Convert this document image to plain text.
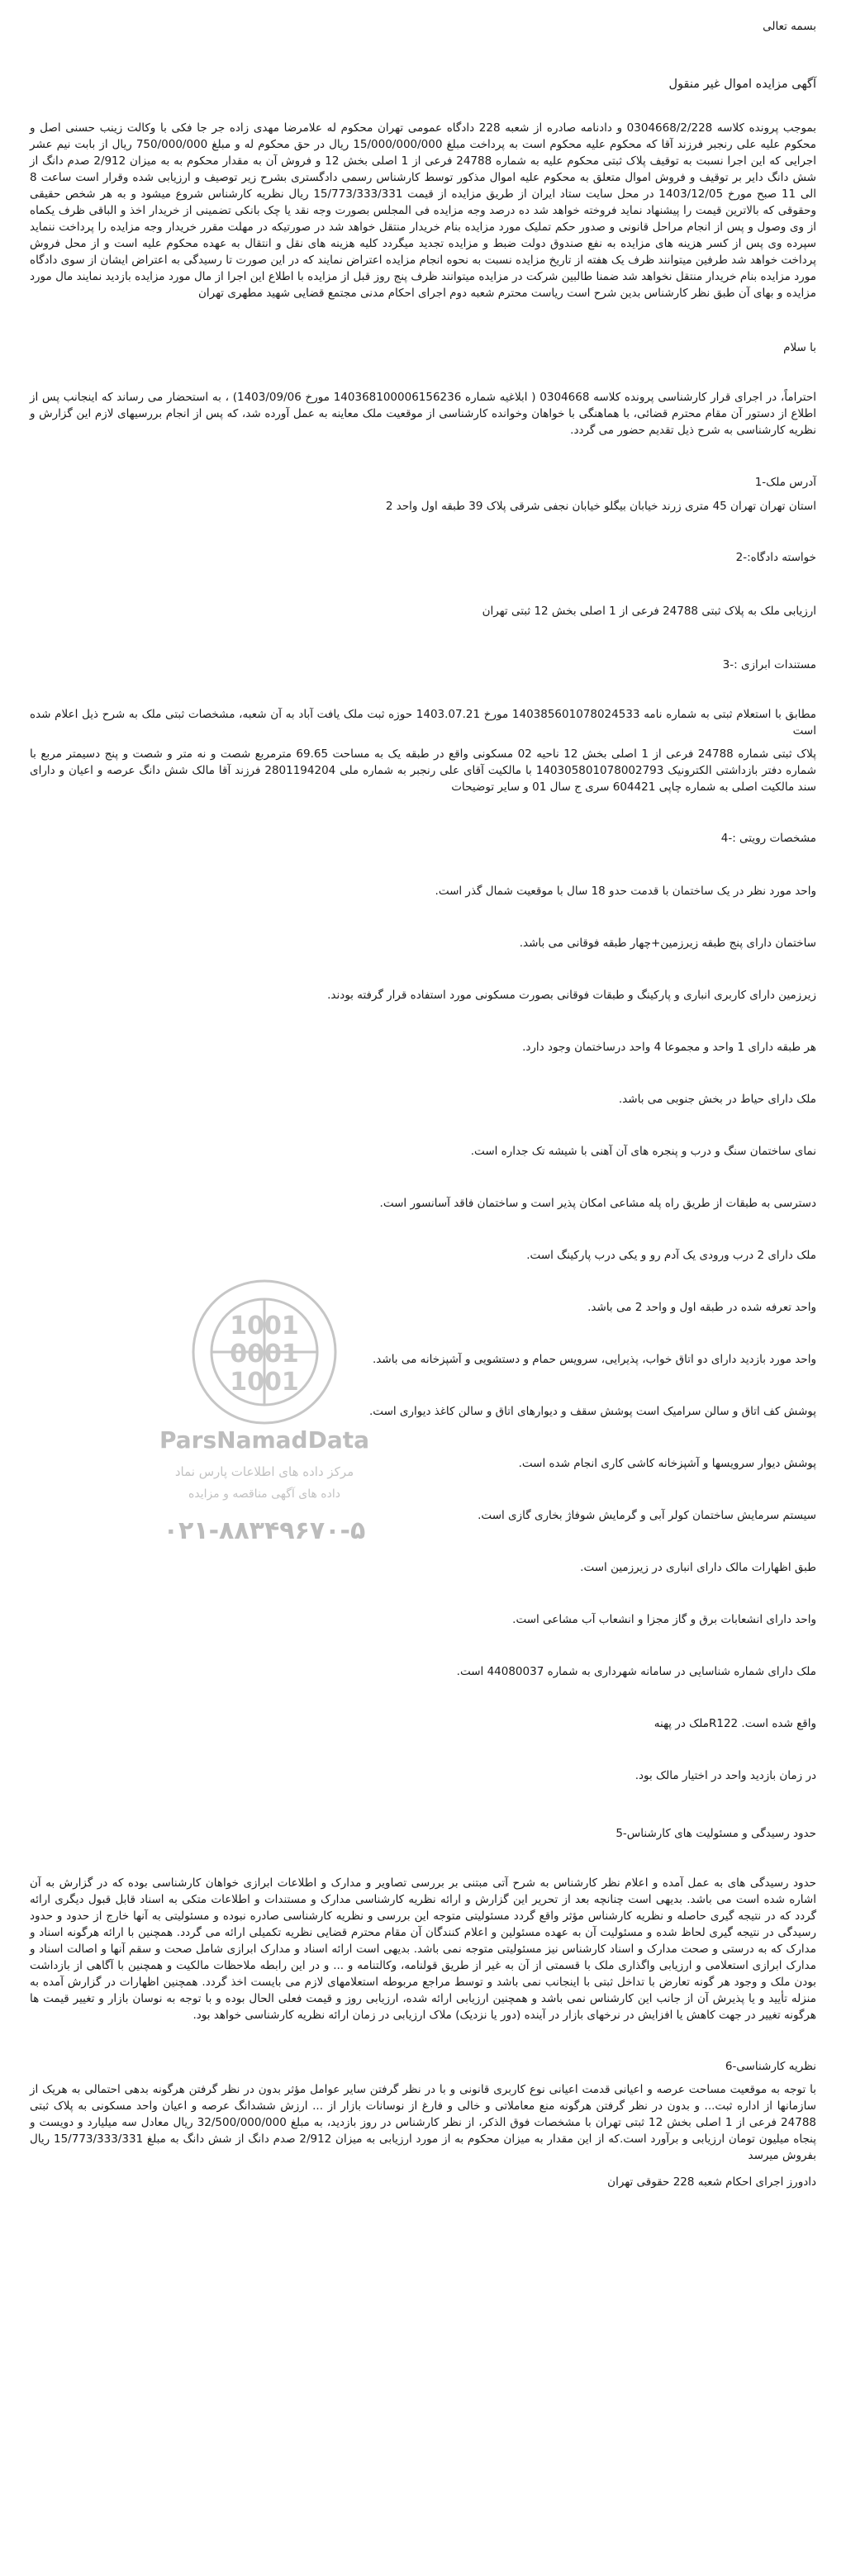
بسمه تعالی

آگهی مزایده اموال غیر منقول

بموجب پرونده کلاسه 0304668/2/228 و دادنامه صادره از شعبه 228 دادگاه عمومی تهران محکوم له علامرضا مهدی زاده جر جا فکی با وکالت زینب حسنی اصل و محکوم علیه علی رنجبر فرزند آقا که محکوم علیه محکوم است به پرداخت مبلغ 15/000/000/000 ریال در حق محکوم له و مبلغ 750/000/000 ریال از بابت نیم عشر اجرایی که این اجرا نسبت به توقیف پلاک ثبتی محکوم علیه به شماره 24788 فرعی از 1 اصلی بخش 12 و فروش آن به مقدار محکوم به به میزان 2/912 صدم دانگ از شش دانگ دایر بر توقیف و فروش اموال متعلق به محکوم علیه اموال مذکور توسط کارشناس رسمی دادگستری بشرح زیر توصیف و ارزیابی شده وقرار است ساعت 8 الی 11 صبح مورخ 1403/12/05 در محل سایت ستاد ایران از طریق مزایده از قیمت 15/773/333/331 ریال نظریه کارشناس شروع میشود و به هر شخص حقیقی وحقوقی که بالاترین قیمت را پیشنهاد نماید فروخته خواهد شد ده درصد وجه مزایده فی المجلس بصورت وجه نقد یا چک بانکی تضمینی از خریدار اخذ و الباقی ظرف یکماه از وی وصول و پس از انجام مراحل قانونی و صدور حکم تملیک مورد مزایده بنام خریدار منتقل خواهد شد در صورتیکه در مهلت مقرر خریدار وجه مزایده را پرداخت ننماید سپرده وی پس از کسر هزینه های مزایده به نفع صندوق دولت ضبط و مزایده تجدید میگردد کلیه هزینه های نقل و انتقال به عهده محکوم علیه است و از محل فروش پرداخت خواهد شد طرفین میتوانند ظرف یک هفته از تاریخ مزایده نسبت به نحوه انجام مزایده اعتراض نمایند که در این صورت تا رسیدگی به اعتراض ایشان از سوی دادگاه مورد مزایده بنام خریدار منتقل نخواهد شد ضمنا طالبین شرکت در مزایده میتوانند ظرف پنج روز قبل از مزایده با اطلاع این اجرا از مال مورد مزایده بازدید نمایند مال مورد مزایده و بهای آن طبق نظر کارشناس بدین شرح است رياست محترم شعبه دوم اجراى احكام مدنى مجتمع قضايى شهيد مطهرى تهران

با سلام

احتراماً، در اجرای قرار کارشناسی پرونده کلاسه 0304668 ( ابلاغیه شماره 140368100006156236 مورخ 1403/09/06) ، به استحضار می رساند که اینجانب پس از اطلاع از دستور آن مقام محترم قضائی، با هماهنگی با خواهان وخوانده کارشناسی از موقعیت ملک معاینه به عمل آورده شد، که پس از انجام بررسیهای لازم این گزارش و نظریه کارشناسی به شرح ذیل تقدیم حضور می گردد.

آدرس ملک-1

استان تهران تهران 45 متری زرند خیابان بیگلو خیابان نجفی شرقی پلاک 39 طبقه اول واحد 2

خواسته دادگاه:-2

ارزیابی ملک به پلاک ثبتی 24788 فرعی از 1 اصلی بخش 12 ثبتی تهران

مستندات ابرازی :-3

مطابق با استعلام ثبتی به شماره نامه 140385601078024533 مورخ 1403.07.21 حوزه ثبت ملک یافت آباد به آن شعبه، مشخصات ثبتی ملک به شرح ذیل اعلام شده است

پلاک ثبتی شماره 24788 فرعی از 1 اصلی بخش 12 ناحیه 02 مسکونی واقع در طبقه یک به مساحت 69.65 مترمربع شصت و نه متر و شصت و پنج دسیمتر مربع با شماره دفتر بازداشتی الکترونیک 140305801078002793 با مالکیت آقای علی رنجبر به شماره ملی 2801194204 فرزند آقا مالک شش دانگ عرصه و اعیان و دارای سند مالکیت اصلی به شماره چاپی 604421 سری ج سال 01 و سایر توضیحات

مشخصات رویتی :-4

واحد مورد نظر در یک ساختمان با قدمت حدو 18 سال با موقعیت شمال گذر است.

ساختمان دارای پنج طبقه زیرزمین+چهار طبقه فوقانی می باشد.

زیرزمین دارای کاربری انباری و پارکینگ و طبقات فوقانی بصورت مسکونی مورد استفاده قرار گرفته بودند.

هر طبقه دارای 1 واحد و مجموعا 4 واحد درساختمان وجود دارد.

ملک دارای حیاط در بخش جنوبی می باشد.

نمای ساختمان سنگ و درب و پنجره های آن آهنی با شیشه تک جداره است.

دسترسی به طبقات از طریق راه پله مشاعی امکان پذیر است و ساختمان فاقد آسانسور است.

ملک دارای 2 درب ورودی یک آدم رو و یکی درب پارکینگ است.

واحد تعرفه شده در طبقه اول و واحد 2 می باشد.

واحد مورد بازدید دارای دو اتاق خواب، پذیرایی، سرویس حمام و دستشویی و آشپزخانه می باشد.

پوشش کف اتاق و سالن سرامیک است پوشش سقف و دیوارهای اتاق و سالن کاغذ دیواری است.

پوشش دیوار سرویسها و آشپزخانه کاشی کاری انجام شده است.

سیستم سرمایش ساختمان کولر آبی و گرمایش شوفاژ بخاری گازی است.

طبق اظهارات مالک دارای انباری در زیرزمین است.

واحد دارای انشعابات برق و گاز مجزا و انشعاب آب مشاعی است.

ملک دارای شماره شناسایی در سامانه شهرداری به شماره 44080037 است.

واقع شده است. R122ملک در پهنه

در زمان بازدید واحد در اختیار مالک بود.

حدود رسیدگی و مسئولیت های کارشناس-5

حدود رسیدگی های به عمل آمده و اعلام نظر کارشناس به شرح آتی مبتنی بر بررسی تصاویر و مدارک و اطلاعات ابرازی خواهان کارشناسی بوده که در گزارش به آن اشاره شده است می باشد. بدیهی است چنانچه بعد از تحریر این گزارش و ارائه نظریه کارشناسی مدارک و مستندات و اطلاعات متکی به اسناد قابل قبول دیگری ارائه گردد که در نتیجه گیری حاصله و نظریه کارشناس مؤثر واقع گردد مسئولیتی متوجه این بررسی و نظریه کارشناسی صادره نبوده و مسئولیتی به آنها خارج از حدود و حدود رسیدگی در نتیجه گیری لحاظ شده و مسئولیت آن به عهده مسئولین و اعلام کنندگان آن مقام محترم قضایی نظریه تکمیلی ارائه می گردد. همچنین با ارائه هرگونه اسناد و مدارک که به درستی و صحت مدارک و اسناد کارشناس نیز مسئولیتی متوجه نمی باشد. بدیهی است ارائه اسناد و مدارک ابرازی شامل صحت و سقم آنها و اصالت اسناد و مدارک ابرازی استعلامی و ارزیابی واگذاری ملک با قسمتی از آن به غیر از طریق قولنامه، وکالتنامه و ... و در این رابطه ملاحظات مالکیت و همچنین با آگاهی از بازداشت بودن ملک و وجود هر گونه تعارض با تداخل ثبتی با اینجانب نمی باشد و توسط مراجع مربوطه استعلامهای لازم می بایست اخذ گردد. همچنین اظهارات در گزارش آمده به منزله تأیید و یا پذیرش آن از جانب این کارشناس نمی باشد و همچنین ارزیابی ارائه شده، ارزیابی روز و قیمت فعلی الحال بوده و با توجه به نوسان بازار و تغییر قیمت ها هرگونه تغییر در جهت کاهش یا افزایش در نرخهای بازار در آینده (دور یا نزدیک) ملاک ارزیابی در زمان ارائه نظریه کارشناسی خواهد بود.

نظریه کارشناسی-6

با توجه به موقعیت مساحت عرصه و اعیانی قدمت اعیانی نوع کاربری قانونی و با در نظر گرفتن سایر عوامل مؤثر بدون در نظر گرفتن هرگونه بدهی احتمالی به هریک از سازمانها از اداره ثبت... و بدون در نظر گرفتن هرگونه منع معاملاتی و خالی و فارغ از نوسانات بازار از ... ارزش ششدانگ عرصه و اعیان واحد مسکونی به پلاک ثبتی 24788 فرعی از 1 اصلی بخش 12 ثبتی تهران با مشخصات فوق الذکر، از نظر کارشناس در روز بازدید، به مبلغ 32/500/000/000 ریال معادل سه میلیارد و دویست و پنجاه میلیون تومان ارزیابی و برآورد است.که از این مقدار به میزان محکوم به از مورد ارزیابی به میزان 2/912 صدم دانگ از شش دانگ به مبلغ 15/773/333/331 ریال بفروش میرسد

دادورز اجرای احکام شعبه 228 حقوقی تهران

1001
0001
1001
ParsNamadData
مرکز داده های اطلاعات پارس نماد
داده های آگهی مناقصه و مزایده
۰۲۱-۸۸۳۴۹۶۷۰-۵
